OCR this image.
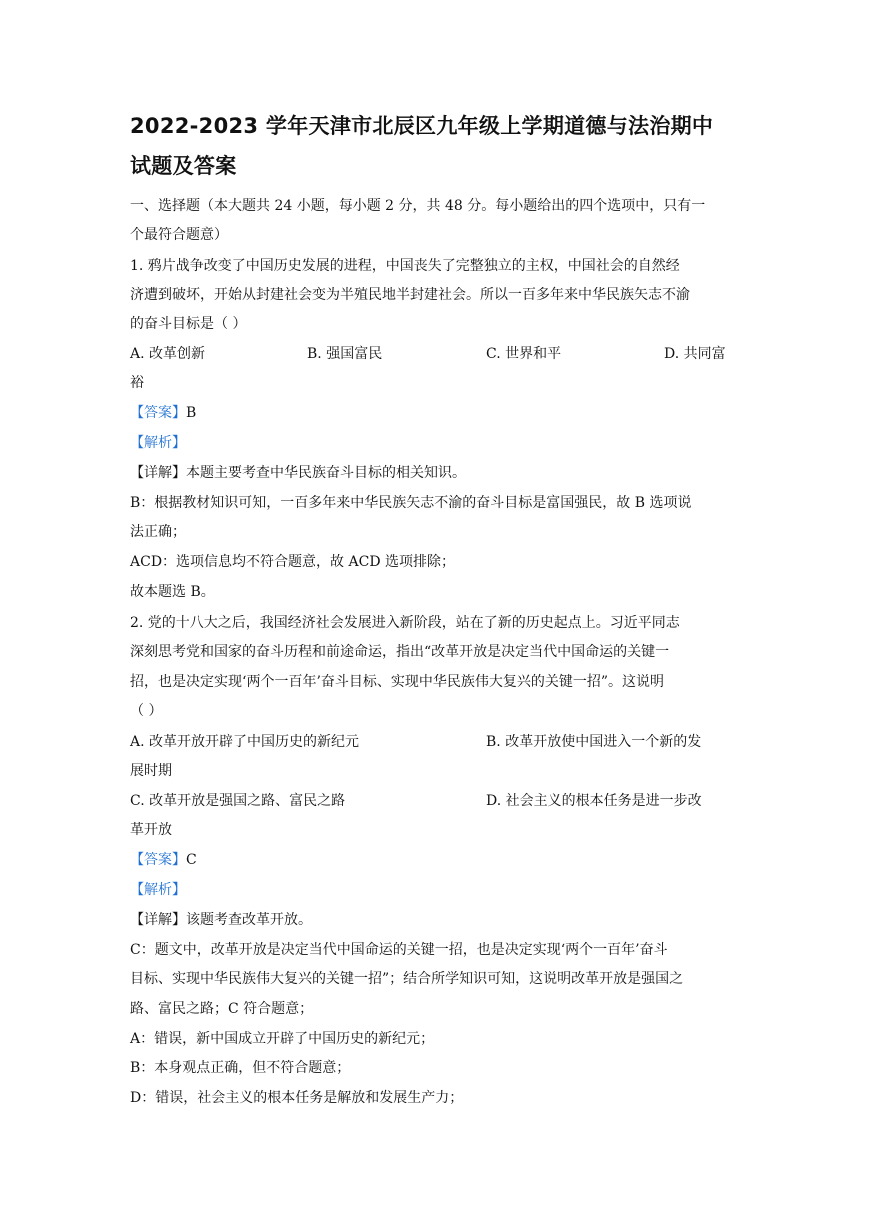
2022-2023 学年天津市北辰区九年级上学期道德与法治期中
试题及答案
一、选择题（本大题共 24 小题，每小题 2 分，共 48 分。每小题给出的四个选项中，只有一
个最符合题意）
1. 鸦片战争改变了中国历史发展的进程，中国丧失了完整独立的主权，中国社会的自然经
济遭到破坏，开始从封建社会变为半殖民地半封建社会。所以一百多年来中华民族矢志不渝
的奋斗目标是（ ）
A. 改革创新	B. 强国富民	C. 世界和平	D. 共同富
裕
【答案】B
【解析】
【详解】本题主要考查中华民族奋斗目标的相关知识。
B：根据教材知识可知，一百多年来中华民族矢志不渝的奋斗目标是富国强民，故 B 选项说
法正确；
ACD：选项信息均不符合题意，故 ACD 选项排除；
故本题选 B。
2. 党的十八大之后，我国经济社会发展进入新阶段，站在了新的历史起点上。习近平同志
深刻思考党和国家的奋斗历程和前途命运，指出“改革开放是决定当代中国命运的关键一
招，也是决定实现‘两个一百年’奋斗目标、实现中华民族伟大复兴的关键一招”。这说明
（ ）
A. 改革开放开辟了中国历史的新纪元	B. 改革开放使中国进入一个新的发
展时期
C. 改革开放是强国之路、富民之路	D. 社会主义的根本任务是进一步改
革开放
【答案】C
【解析】
【详解】该题考查改革开放。
C：题文中，改革开放是决定当代中国命运的关键一招，也是决定实现‘两个一百年’奋斗
目标、实现中华民族伟大复兴的关键一招”；结合所学知识可知，这说明改革开放是强国之
路、富民之路；C 符合题意；
A：错误，新中国成立开辟了中国历史的新纪元；
B：本身观点正确，但不符合题意；
D：错误，社会主义的根本任务是解放和发展生产力；
